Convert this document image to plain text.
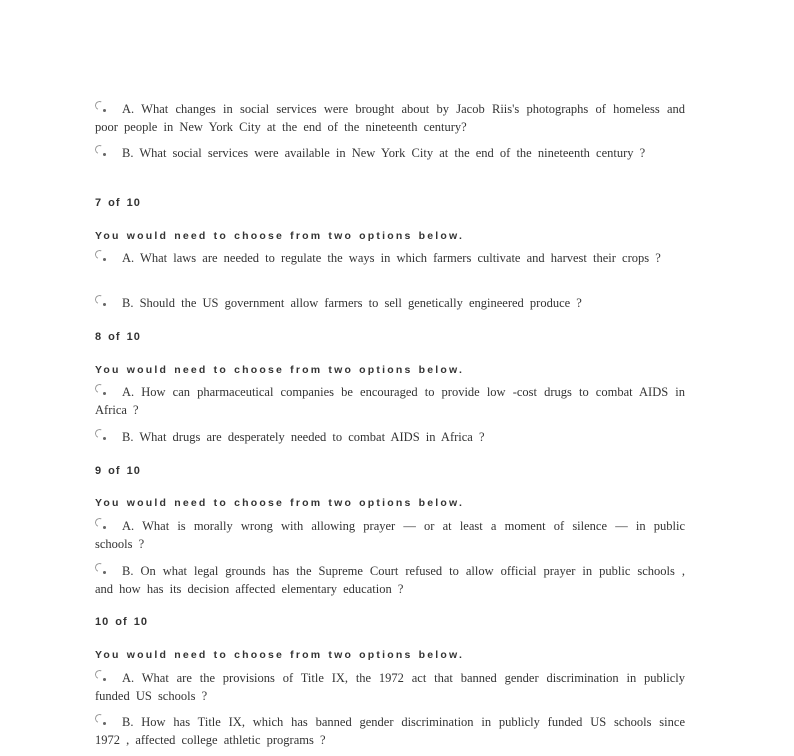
A. What changes in social services were brought about by Jacob Riis's photographs of homeless and poor people in New York City at the end of the nineteenth century?
B. What social services were available in New York City at the end of the nineteenth century ?
7 of 10
You would need to choose from two options below.
A. What laws are needed to regulate the ways in which farmers cultivate and harvest their crops ?
B. Should the US government allow farmers to sell genetically engineered produce ?
8 of 10
You would need to choose from two options below.
A. How can pharmaceutical companies be encouraged to provide low -cost drugs to combat AIDS in Africa ?
B. What drugs are desperately needed to combat AIDS in Africa ?
9 of 10
You would need to choose from two options below.
A. What is morally wrong with allowing prayer — or at least a moment of silence — in public schools ?
B. On what legal grounds has the Supreme Court refused to allow official prayer in public schools , and how has its decision affected elementary education ?
10 of 10
You would need to choose from two options below.
A. What are the provisions of Title IX, the 1972 act that banned gender discrimination in publicly funded US schools ?
B. How has Title IX, which has banned gender discrimination in publicly funded US schools since 1972 , affected college athletic programs ?
